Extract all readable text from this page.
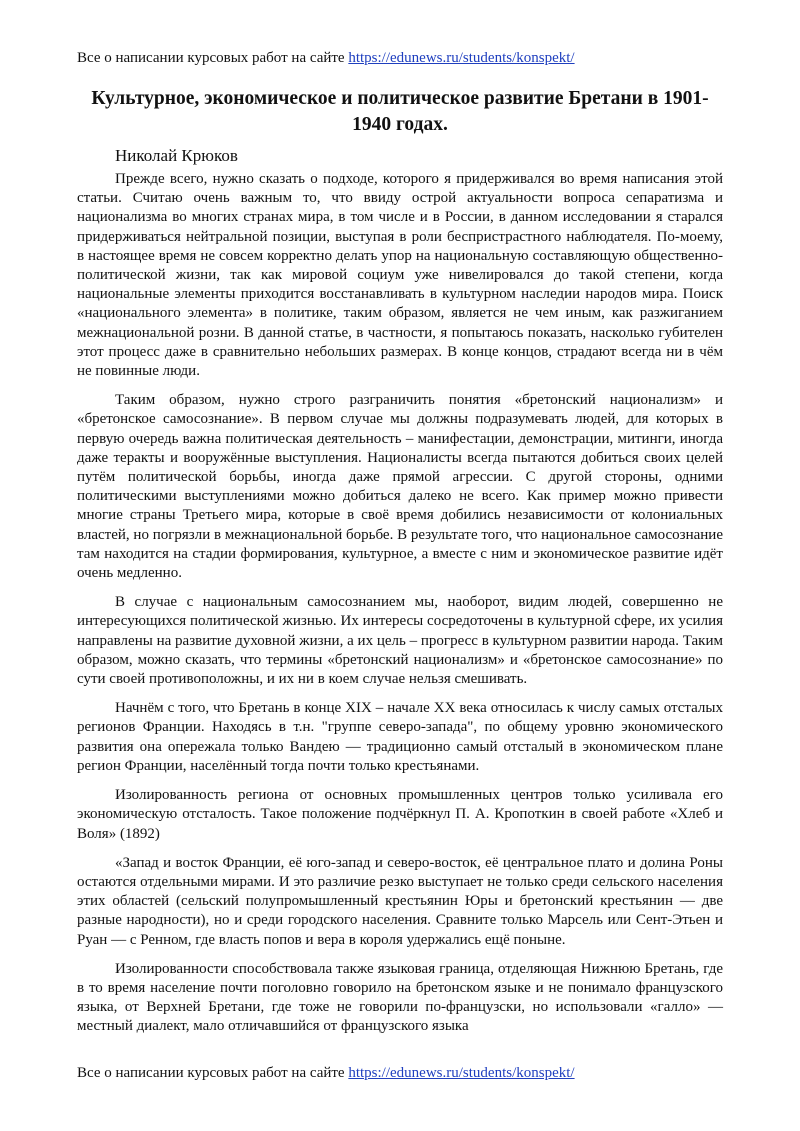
Все о написании курсовых работ на сайте https://edunews.ru/students/konspekt/
Культурное, экономическое и политическое развитие Бретани в 1901-1940 годах.
Николай Крюков

Прежде всего, нужно сказать о подходе, которого я придерживался во время написания этой статьи. Считаю очень важным то, что ввиду острой актуальности вопроса сепаратизма и национализма во многих странах мира, в том числе и в России, в данном исследовании я старался придерживаться нейтральной позиции, выступая в роли беспристрастного наблюдателя. По-моему, в настоящее время не совсем корректно делать упор на национальную составляющую общественно-политической жизни, так как мировой социум уже нивелировался до такой степени, когда национальные элементы приходится восстанавливать в культурном наследии народов мира. Поиск «национального элемента» в политике, таким образом, является не чем иным, как разжиганием межнациональной розни. В данной статье, в частности, я попытаюсь показать, насколько губителен этот процесс даже в сравнительно небольших размерах. В конце концов, страдают всегда ни в чём не повинные люди.

Таким образом, нужно строго разграничить понятия «бретонский национализм» и «бретонское самосознание». В первом случае мы должны подразумевать людей, для которых в первую очередь важна политическая деятельность – манифестации, демонстрации, митинги, иногда даже теракты и вооружённые выступления. Националисты всегда пытаются добиться своих целей путём политической борьбы, иногда даже прямой агрессии. С другой стороны, одними политическими выступлениями можно добиться далеко не всего. Как пример можно привести многие страны Третьего мира, которые в своё время добились независимости от колониальных властей, но погрязли в межнациональной борьбе. В результате того, что национальное самосознание там находится на стадии формирования, культурное, а вместе с ним и экономическое развитие идёт очень медленно.

В случае с национальным самосознанием мы, наоборот, видим людей, совершенно не интересующихся политической жизнью. Их интересы сосредоточены в культурной сфере, их усилия направлены на развитие духовной жизни, а их цель – прогресс в культурном развитии народа. Таким образом, можно сказать, что термины «бретонский национализм» и «бретонское самосознание» по сути своей противоположны, и их ни в коем случае нельзя смешивать.

Начнём с того, что Бретань в конце XIX – начале XX века относилась к числу самых отсталых регионов Франции. Находясь в т.н. "группе северо-запада", по общему уровню экономического развития она опережала только Вандею — традиционно самый отсталый в экономическом плане регион Франции, населённый тогда почти только крестьянами.

Изолированность региона от основных промышленных центров только усиливала его экономическую отсталость. Такое положение подчёркнул П. А. Кропоткин в своей работе «Хлеб и Воля» (1892)

«Запад и восток Франции, её юго-запад и северо-восток, её центральное плато и долина Роны остаются отдельными мирами. И это различие резко выступает не только среди сельского населения этих областей (сельский полупромышленный крестьянин Юры и бретонский крестьянин — две разные народности), но и среди городского населения. Сравните только Марсель или Сент-Этьен и Руан — с Ренном, где власть попов и вера в короля удержались ещё поныне.

Изолированности способствовала также языковая граница, отделяющая Нижнюю Бретань, где в то время население почти поголовно говорило на бретонском языке и не понимало французского языка, от Верхней Бретани, где тоже не говорили по-французски, но использовали «галло» — местный диалект, мало отличавшийся от французского языка

Все о написании курсовых работ на сайте https://edunews.ru/students/konspekt/
